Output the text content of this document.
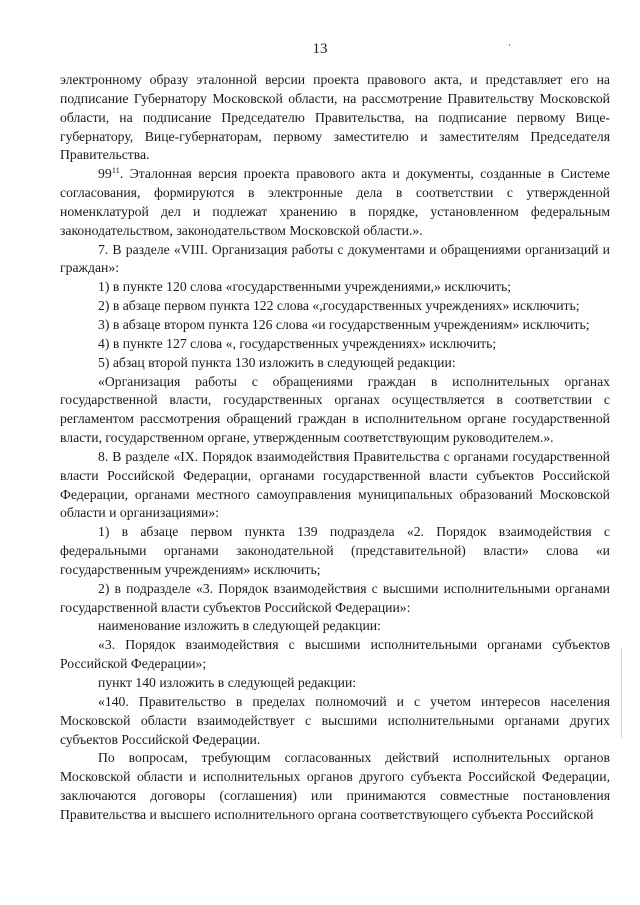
13

электронному образу эталонной версии проекта правового акта, и представляет его на подписание Губернатору Московской области, на рассмотрение Правительству Московской области, на подписание Председателю Правительства, на подписание первому Вице-губернатору, Вице-губернаторам, первому заместителю и заместителям Председателя Правительства.

$99^{11}$. Эталонная версия проекта правового акта и документы, созданные в Системе согласования, формируются в электронные дела в соответствии с утвержденной номенклатурой дел и подлежат хранению в порядке, установленном федеральным законодательством, законодательством Московской области.».

7. В разделе «VIII. Организация работы с документами и обращениями организаций и граждан»:

1) в пункте 120 слова «государственными учреждениями,» исключить;

2) в абзаце первом пункта 122 слова «,государственных учреждениях» исключить;

3) в абзаце втором пункта 126 слова «и государственным учреждениям» исключить;

4) в пункте 127 слова «, государственных учреждениях» исключить;

5) абзац второй пункта 130 изложить в следующей редакции:

«Организация работы с обращениями граждан в исполнительных органах государственной власти, государственных органах осуществляется в соответствии с регламентом рассмотрения обращений граждан в исполнительном органе государственной власти, государственном органе, утвержденным соответствующим руководителем.».

8. В разделе «IX. Порядок взаимодействия Правительства с органами государственной власти Российской Федерации, органами государственной власти субъектов Российской Федерации, органами местного самоуправления муниципальных образований Московской области и организациями»:

1) в абзаце первом пункта 139 подраздела «2. Порядок взаимодействия с федеральными органами законодательной (представительной) власти» слова «и государственным учреждениям» исключить;

2) в подразделе «3. Порядок взаимодействия с высшими исполнительными органами государственной власти субъектов Российской Федерации»:

наименование изложить в следующей редакции:

«3. Порядок взаимодействия с высшими исполнительными органами субъектов Российской Федерации»;

пункт 140 изложить в следующей редакции:

«140. Правительство в пределах полномочий и с учетом интересов населения Московской области взаимодействует с высшими исполнительными органами других субъектов Российской Федерации.

По вопросам, требующим согласованных действий исполнительных органов Московской области и исполнительных органов другого субъекта Российской Федерации, заключаются договоры (соглашения) или принимаются совместные постановления Правительства и высшего исполнительного органа соответствующего субъекта Российской
